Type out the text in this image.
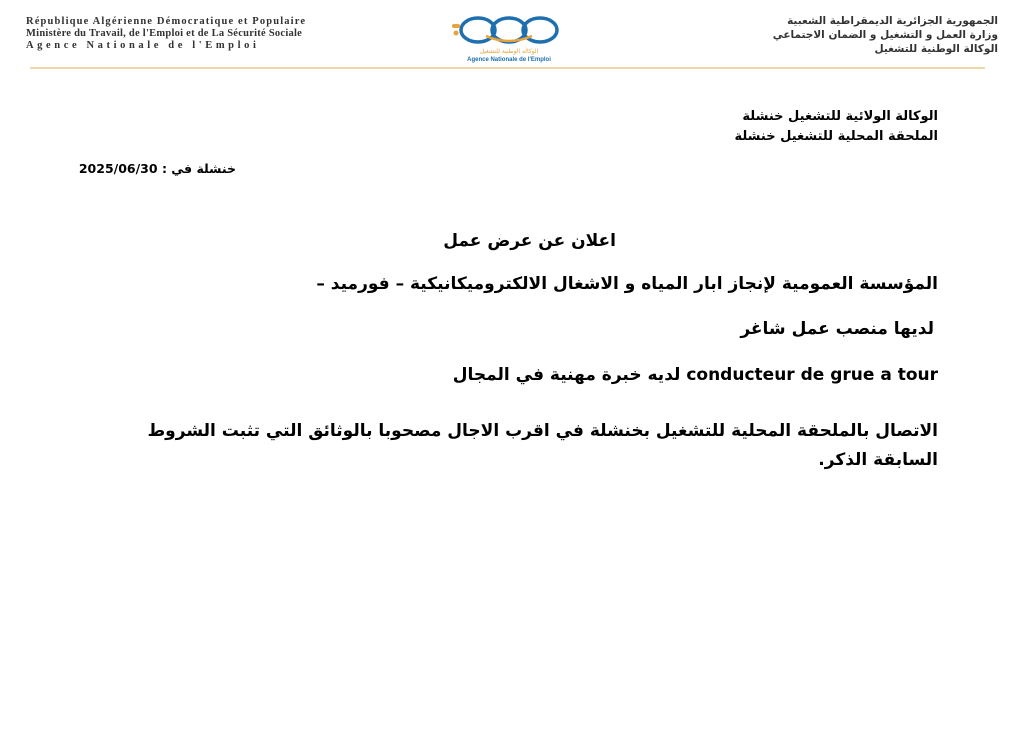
République Algérienne Démocratique et Populaire
Ministère du Travail, de l'Emploi et de La Sécurité Sociale
Agence Nationale de l'Emploi
الوكالة الوطنية للتشغيل
Agence Nationale de l'Emploi
الجمهورية الجزائرية الديمقراطية الشعبية
وزارة العمل و التشغيل و الضمان الاجتماعي
الوكالة الوطنية للتشغيل
الوكالة الولائية للتشغيل خنشلة
الملحقة المحلية للتشغيل خنشلة
خنشلة في : 2025/06/30
اعلان عن عرض عمل
المؤسسة العمومية لإنجاز ابار المياه و الاشغال الالكتروميكانيكية – فورميد –
لديها منصب عمل شاغر
conducteur de grue a tour لديه خبرة مهنية في المجال
الاتصال بالملحقة المحلية للتشغيل بخنشلة في اقرب الاجال مصحوبا بالوثائق التي تثبت الشروط السابقة الذكر.
